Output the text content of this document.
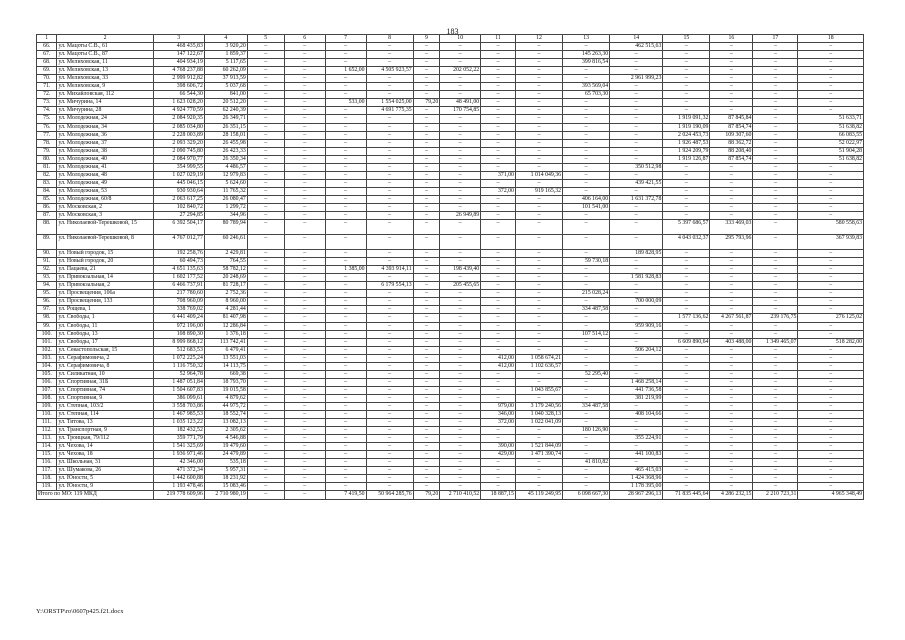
183
1	2	3	4	5	6	7	8	9	10	11	12	13	14	15	16	17	18
66.	ул. Мацоты С.В., 61	468 435,83	3 920,20	–	–	–	–	–	–	–	–	–	462 515,63	–	–	–	–
67.	ул. Мацоты С.В., 87	147 122,67	1 859,37	–	–	–	–	–	–	–	–	145 263,30	–	–	–	–	–
68.	ул. Мелиховская, 11	404 934,19	5 117,65	–	–	–	–	–	–	–	–	399 816,54	–	–	–	–	–
69.	ул. Мелиховская, 13	4 768 237,88	60 262,09	–	–	1 652,00	4 505 923,57	–	202 052,22	–	–	–	–	–	–	–	–
70.	ул. Мелиховская, 33	2 999 912,82	37 913,59	–	–	–	–	–	–	–	–	–	2 961 999,23	–	–	–	–
71.	ул. Мелиховская, 9	398 606,72	5 037,68	–	–	–	–	–	–	–	–	393 569,04	–	–	–	–	–
72.	ул. Михайловская, 112	66 544,30	841,00	–	–	–	–	–	–	–	–	65 703,30	–	–	–	–	–
73.	ул. Мичурина, 14	1 623 028,20	20 512,20	–	–	533,00	1 554 025,00	79,20	48 491,00	–	–	–	–	–	–	–	–
74.	ул. Мичурина, 28	4 924 770,59	62 240,39	–	–	–	4 691 775,35	–	170 754,85	–	–	–	–	–	–	–	–
75.	ул. Молодежная, 24	2 084 920,35	26 349,71	–	–	–	–	–	–	–	–	–	–	1 919 091,32	87 845,84	–	51 633,71
76.	ул. Молодежная, 34	2 085 034,80	26 351,15	–	–	–	–	–	–	–	–	–	–	1 919 190,09	87 854,74	–	51 638,82
77.	ул. Молодежная, 36	2 228 003,89	28 158,01	–	–	–	–	–	–	–	–	–	–	2 024 453,73	109 307,60	–	66 083,55
78.	ул. Молодежная, 37	2 093 329,20	26 455,98	–	–	–	–	–	–	–	–	–	–	1 926 487,53	88 362,72	–	52 022,97
79.	ул. Молодежная, 38	2 090 745,80	26 423,33	–	–	–	–	–	–	–	–	–	–	1 924 209,79	88 208,40	–	51 904,28
80.	ул. Молодежная, 40	2 084 970,77	26 350,34	–	–	–	–	–	–	–	–	–	–	1 919 126,87	87 854,74	–	51 638,82
81.	ул. Молодежная, 41	354 999,55	4 486,57	–	–	–	–	–	–	–	–	–	350 512,98	–	–	–	–
82.	ул. Молодежная, 48	1 027 029,19	12 979,83	–	–	–	–	–	–	371,00	1 014 049,36	–	–	–	–	–	–
83.	ул. Молодежная, 49	445 046,15	5 624,60	–	–	–	–	–	–	–	–	–	439 421,55	–	–	–	–
84.	ул. Молодежная, 53	930 930,64	11 765,32	–	–	–	–	–	–	372,00	919 165,32	–	–	–	–	–	–
85.	ул. Молодежная, 60/8	2 063 617,25	26 080,47	–	–	–	–	–	–	–	–	406 164,00	1 631 372,78	–	–	–	–
86.	ул. Московская, 2	102 840,72	1 299,72	–	–	–	–	–	–	–	–	101 541,00	–	–	–	–	–
87.	ул. Московская, 3	27 294,85	344,96	–	–	–	–	–	26 949,89	–	–	–	–	–	–	–	–
88.	ул. Николаевой-Терешковой, 15	6 392 504,17	80 789,94	–	–	–	–	–	–	–	–	–	–	5 397 686,57	333 469,03	–	580 558,63
89.	ул. Николаевой-Терешковой, 8	4 767 012,77	60 246,61	–	–	–	–	–	–	–	–	–	–	4 043 032,37	295 793,96	–	367 939,83
90.	ул. Новый городок, 15	192 258,76	2 429,81	–	–	–	–	–	–	–	–	–	189 828,95	–	–	–	–
91.	ул. Новый городок, 20	60 494,73	764,55	–	–	–	–	–	–	–	–	59 730,18	–	–	–	–	–
92.	ул. Пацаева, 21	4 651 135,63	58 782,12	–	–	1 385,00	4 393 914,11	–	198 439,40	–	–	–	–	–	–	–	–
93.	ул. Привокзальная, 14	1 602 177,52	20 248,69	–	–	–	–	–	–	–	–	–	1 581 928,83	–	–	–	–
94.	ул. Привокзальная, 2	6 466 737,91	81 728,17	–	–	–	6 179 554,13	–	205 455,65	–	–	–	–	–	–	–	–
95.	ул. Просвещения, 106а	217 780,60	2 752,36	–	–	–	–	–	–	–	–	215 028,24	–	–	–	–	–
96.	ул. Просвещения, 133	708 960,09	8 960,00	–	–	–	–	–	–	–	–	–	700 000,09	–	–	–	–
97.	ул. Рощева, 1	338 769,02	4 281,44	–	–	–	–	–	–	–	–	334 487,58	–	–	–	–	–
98.	ул. Свободы, 1	6 441 409,24	81 407,98	–	–	–	–	–	–	–	–	–	–	1 577 136,62	4 267 561,87	239 176,75	276 125,02
99.	ул. Свободы, 11	972 196,00	12 286,84	–	–	–	–	–	–	–	–	–	959 909,16	–	–	–	–
100.	ул. Свободы, 13	108 890,30	1 376,18	–	–	–	–	–	–	–	–	107 514,12	–	–	–	–	–
101.	ул. Свободы, 17	8 999 868,12	113 742,41	–	–	–	–	–	–	–	–	–	–	6 609 890,64	403 488,00	1 349 465,07	518 282,00
102.	ул. Севастопольская, 15	512 683,53	6 479,41	–	–	–	–	–	–	–	–	–	506 204,12	–	–	–	–
103.	ул. Серафимовича, 2	1 072 225,24	13 551,03	–	–	–	–	–	–	412,00	1 058 674,21	–	–	–	–	–	–
104.	ул. Серафимовича, 8	1 116 750,32	14 113,75	–	–	–	–	–	–	412,00	1 102 636,57	–	–	–	–	–	–
105.	ул. Силикатная, 10	52 964,78	669,38	–	–	–	–	–	–	–	–	52 295,40	–	–	–	–	–
106.	ул. Спортивная, 31Б	1 487 051,84	18 793,70	–	–	–	–	–	–	–	–	–	1 468 258,14	–	–	–	–
107.	ул. Спортивная, 74	1 504 607,83	19 015,58	–	–	–	–	–	–	–	1 043 855,67	–	441 736,58	–	–	–	–
108.	ул. Спортивная, 9	386 099,61	4 879,62	–	–	–	–	–	–	–	–	–	381 219,99	–	–	–	–
109.	ул. Степная, 103/2	3 558 703,86	44 975,72	–	–	–	–	–	–	979,00	3 179 240,56	334 487,58	–	–	–	–	–
110.	ул. Степная, 114	1 467 985,53	18 552,74	–	–	–	–	–	–	346,00	1 040 328,13	–	408 104,66	–	–	–	–
111.	ул. Титова, 13	1 035 123,22	13 082,13	–	–	–	–	–	–	372,00	1 022 041,09	–	–	–	–	–	–
112.	ул. Транспортная, 9	182 432,52	2 305,62	–	–	–	–	–	–	–	–	180 126,90	–	–	–	–	–
113.	ул. Троицкая, 79/112	359 771,79	4 546,88	–	–	–	–	–	–	–	–	–	355 224,91	–	–	–	–
114.	ул. Чехова, 14	1 541 325,69	19 479,60	–	–	–	–	–	–	390,00	1 521 844,09	–	–	–	–	–	–
115.	ул. Чехова, 18	1 936 971,46	24 479,89	–	–	–	–	–	–	429,00	1 471 390,74	–	441 100,83	–	–	–	–
116.	ул. Школьная, 31	42 346,00	535,18	–	–	–	–	–	–	–	–	41 810,82	–	–	–	–	–
117.	ул. Шумакова, 26	471 372,34	5 957,31	–	–	–	–	–	–	–	–	–	465 415,03	–	–	–	–
118.	ул. Юности, 5	1 442 600,88	18 231,92	–	–	–	–	–	–	–	–	–	1 424 368,96	–	–	–	–
119.	ул. Юности, 9	1 193 478,46	15 083,46	–	–	–	–	–	–	–	–	–	1 178 395,00	–	–	–	–
Итого по МО: 119 МКД		219 778 609,96	2 710 980,19	–	–	7 419,50	50 964 285,76	79,20	2 710 410,52	18 887,15	45 119 249,95	6 098 667,30	28 967 296,13	71 835 445,64	4 286 232,15	2 210 723,31	4 965 348,49
Y:\ORSTP\ro\0607p425.f21.docx
